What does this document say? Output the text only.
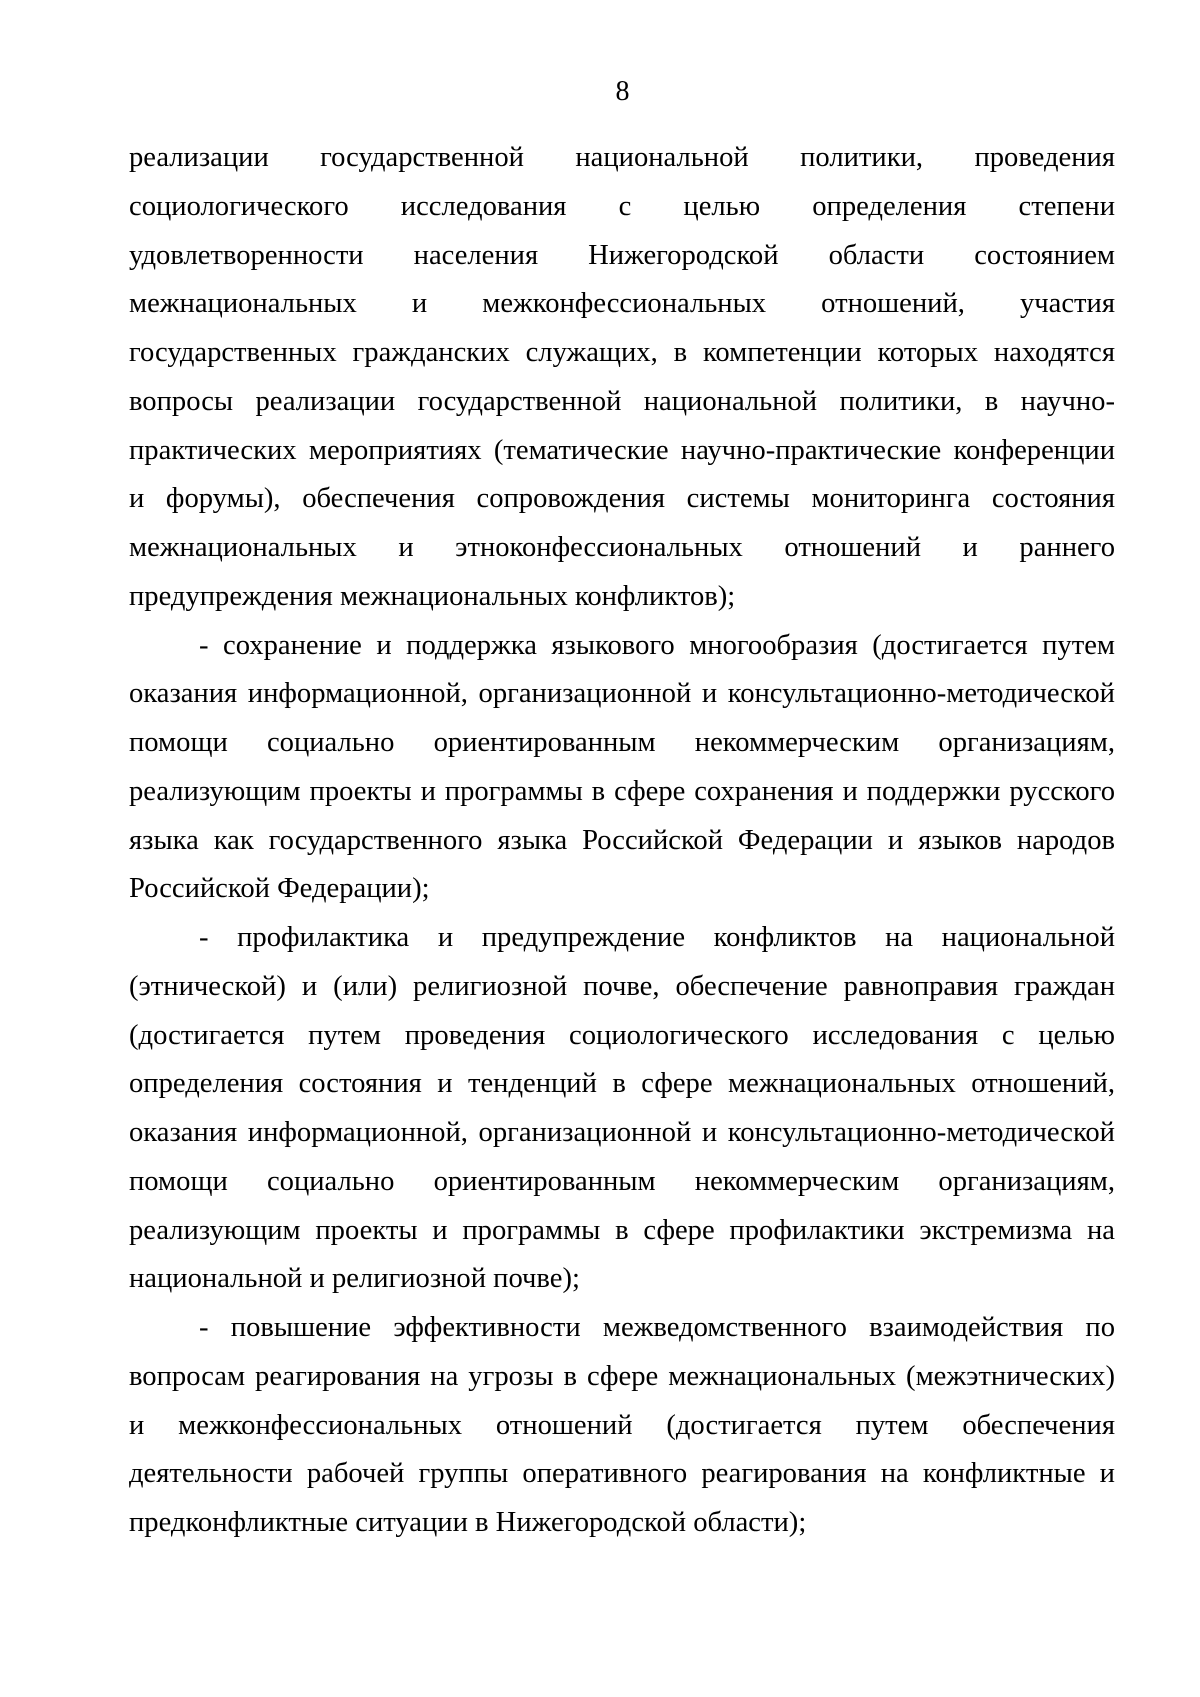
8

реализации государственной национальной политики, проведения социологического исследования с целью определения степени удовлетворенности населения Нижегородской области состоянием межнациональных и межконфессиональных отношений, участия государственных гражданских служащих, в компетенции которых находятся вопросы реализации государственной национальной политики, в научно-практических мероприятиях (тематические научно-практические конференции и форумы), обеспечения сопровождения системы мониторинга состояния межнациональных и этноконфессиональных отношений и раннего предупреждения межнациональных конфликтов);

- сохранение и поддержка языкового многообразия (достигается путем оказания информационной, организационной и консультационно-методической помощи социально ориентированным некоммерческим организациям, реализующим проекты и программы в сфере сохранения и поддержки русского языка как государственного языка Российской Федерации и языков народов Российской Федерации);

- профилактика и предупреждение конфликтов на национальной (этнической) и (или) религиозной почве, обеспечение равноправия граждан (достигается путем проведения социологического исследования с целью определения состояния и тенденций в сфере межнациональных отношений, оказания информационной, организационной и консультационно-методической помощи социально ориентированным некоммерческим организациям, реализующим проекты и программы в сфере профилактики экстремизма на национальной и религиозной почве);

- повышение эффективности межведомственного взаимодействия по вопросам реагирования на угрозы в сфере межнациональных (межэтнических) и межконфессиональных отношений (достигается путем обеспечения деятельности рабочей группы оперативного реагирования на конфликтные и предконфликтные ситуации в Нижегородской области);
